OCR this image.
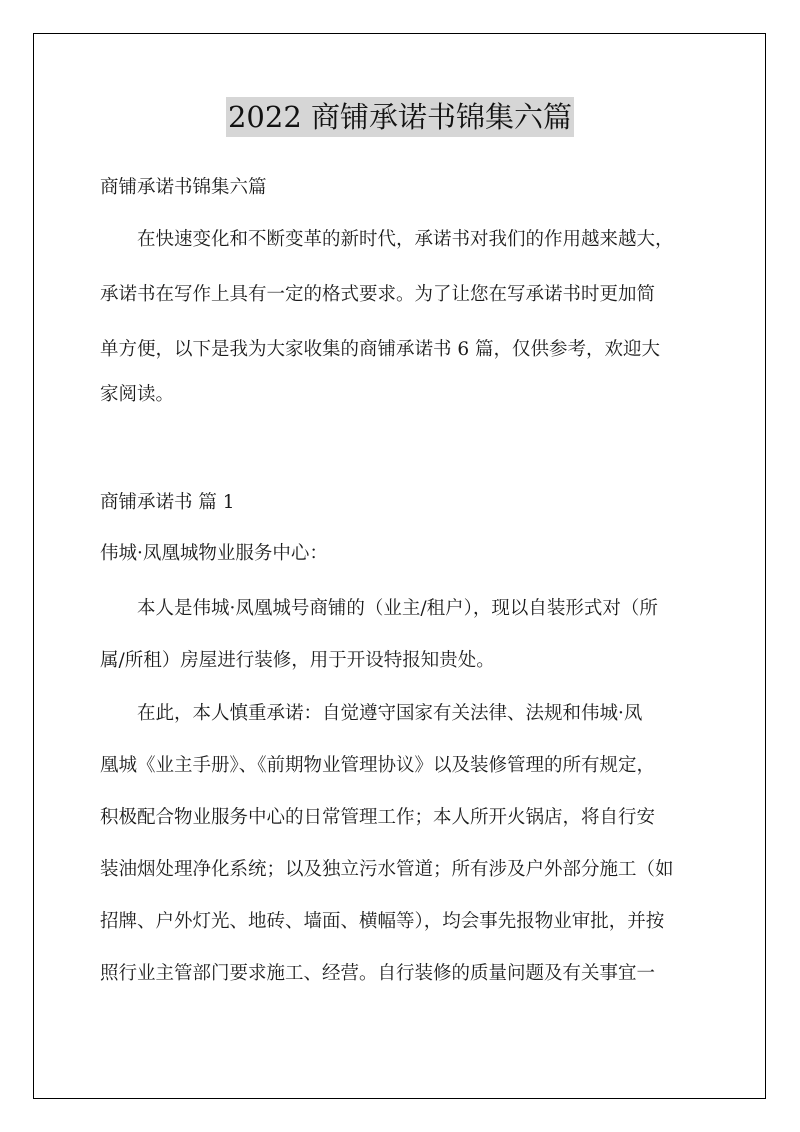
2022 商铺承诺书锦集六篇
商铺承诺书锦集六篇
在快速变化和不断变革的新时代，承诺书对我们的作用越来越大，
承诺书在写作上具有一定的格式要求。为了让您在写承诺书时更加简
单方便，以下是我为大家收集的商铺承诺书 6 篇，仅供参考，欢迎大
家阅读。
商铺承诺书 篇 1
伟城·凤凰城物业服务中心：
本人是伟城·凤凰城号商铺的（业主/租户），现以自装形式对（所
属/所租）房屋进行装修，用于开设特报知贵处。
在此，本人慎重承诺：自觉遵守国家有关法律、法规和伟城·凤
凰城《业主手册》、《前期物业管理协议》以及装修管理的所有规定，
积极配合物业服务中心的日常管理工作；本人所开火锅店，将自行安
装油烟处理净化系统；以及独立污水管道；所有涉及户外部分施工（如
招牌、户外灯光、地砖、墙面、横幅等），均会事先报物业审批，并按
照行业主管部门要求施工、经营。自行装修的质量问题及有关事宜一
